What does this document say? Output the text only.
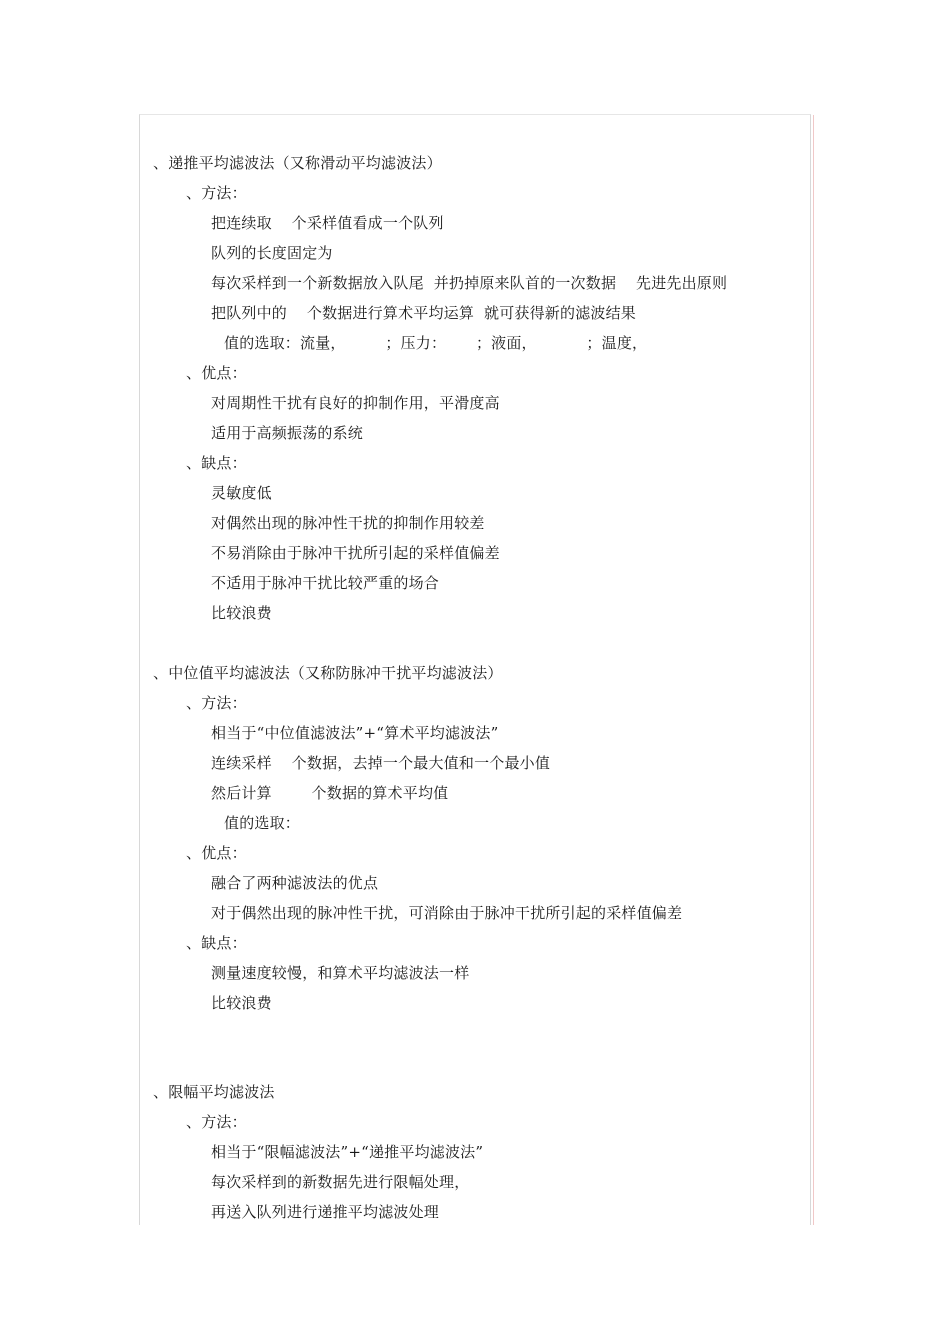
、递推平均滤波法（又称滑动平均滤波法）
、方法：
把连续取    个采样值看成一个队列
队列的长度固定为
每次采样到一个新数据放入队尾  并扔掉原来队首的一次数据    先进先出原则
把队列中的    个数据进行算术平均运算  就可获得新的滤波结果
值的选取：流量，        ；压力：      ；液面，          ；温度，
、优点：
对周期性干扰有良好的抑制作用，平滑度高
适用于高频振荡的系统
、缺点：
灵敏度低
对偶然出现的脉冲性干扰的抑制作用较差
不易消除由于脉冲干扰所引起的采样值偏差
不适用于脉冲干扰比较严重的场合
比较浪费
、中位值平均滤波法（又称防脉冲干扰平均滤波法）
、方法：
相当于“中位值滤波法”+“算术平均滤波法”
连续采样    个数据，去掉一个最大值和一个最小值
然后计算        个数据的算术平均值
值的选取：
、优点：
融合了两种滤波法的优点
对于偶然出现的脉冲性干扰，可消除由于脉冲干扰所引起的采样值偏差
、缺点：
测量速度较慢，和算术平均滤波法一样
比较浪费
、限幅平均滤波法
、方法：
相当于“限幅滤波法”+“递推平均滤波法”
每次采样到的新数据先进行限幅处理，
再送入队列进行递推平均滤波处理
